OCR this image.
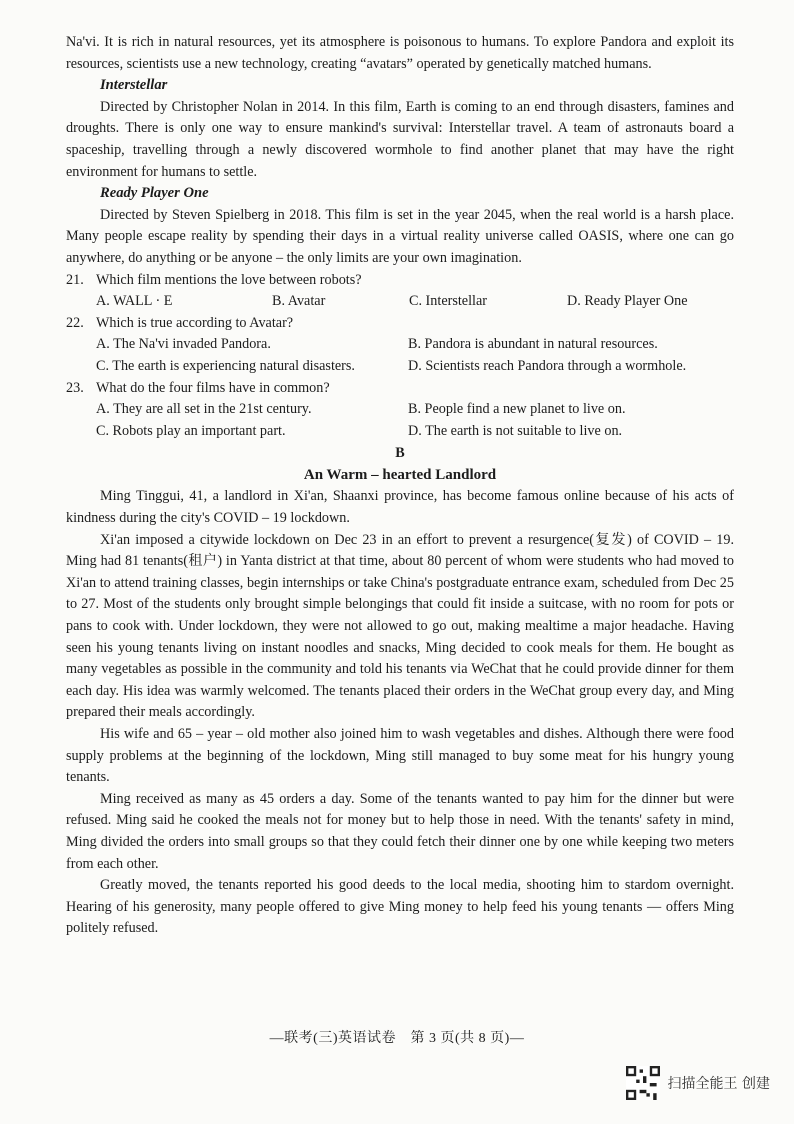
Na'vi. It is rich in natural resources, yet its atmosphere is poisonous to humans. To explore Pandora and exploit its resources, scientists use a new technology, creating “avatars” operated by genetically matched humans.

Interstellar

Directed by Christopher Nolan in 2014. In this film, Earth is coming to an end through disasters, famines and droughts. There is only one way to ensure mankind's survival: Interstellar travel. A team of astronauts board a spaceship, travelling through a newly discovered wormhole to find another planet that may have the right environment for humans to settle.

Ready Player One

Directed by Steven Spielberg in 2018. This film is set in the year 2045, when the real world is a harsh place. Many people escape reality by spending their days in a virtual reality universe called OASIS, where one can go anywhere, do anything or be anyone – the only limits are your own imagination.

21. Which film mentions the love between robots?
A. WALL · E	B. Avatar	C. Interstellar	D. Ready Player One
22. Which is true according to Avatar?
A. The Na'vi invaded Pandora.	B. Pandora is abundant in natural resources.
C. The earth is experiencing natural disasters.	D. Scientists reach Pandora through a wormhole.
23. What do the four films have in common?
A. They are all set in the 21st century.	B. People find a new planet to live on.
C. Robots play an important part.	D. The earth is not suitable to live on.
B
An Warm – hearted Landlord

Ming Tinggui, 41, a landlord in Xi'an, Shaanxi province, has become famous online because of his acts of kindness during the city's COVID – 19 lockdown.

Xi'an imposed a citywide lockdown on Dec 23 in an effort to prevent a resurgence(复发) of COVID – 19. Ming had 81 tenants(租户) in Yanta district at that time, about 80 percent of whom were students who had moved to Xi'an to attend training classes, begin internships or take China's postgraduate entrance exam, scheduled from Dec 25 to 27. Most of the students only brought simple belongings that could fit inside a suitcase, with no room for pots or pans to cook with. Under lockdown, they were not allowed to go out, making mealtime a major headache. Having seen his young tenants living on instant noodles and snacks, Ming decided to cook meals for them. He bought as many vegetables as possible in the community and told his tenants via WeChat that he could provide dinner for them each day. His idea was warmly welcomed. The tenants placed their orders in the WeChat group every day, and Ming prepared their meals accordingly.

His wife and 65 – year – old mother also joined him to wash vegetables and dishes. Although there were food supply problems at the beginning of the lockdown, Ming still managed to buy some meat for his hungry young tenants.

Ming received as many as 45 orders a day. Some of the tenants wanted to pay him for the dinner but were refused. Ming said he cooked the meals not for money but to help those in need. With the tenants' safety in mind, Ming divided the orders into small groups so that they could fetch their dinner one by one while keeping two meters from each other.

Greatly moved, the tenants reported his good deeds to the local media, shooting him to stardom overnight. Hearing of his generosity, many people offered to give Ming money to help feed his young tenants — offers Ming politely refused.

—联考(三)英语试卷　第 3 页(共 8 页)—
扫描全能王 创建
